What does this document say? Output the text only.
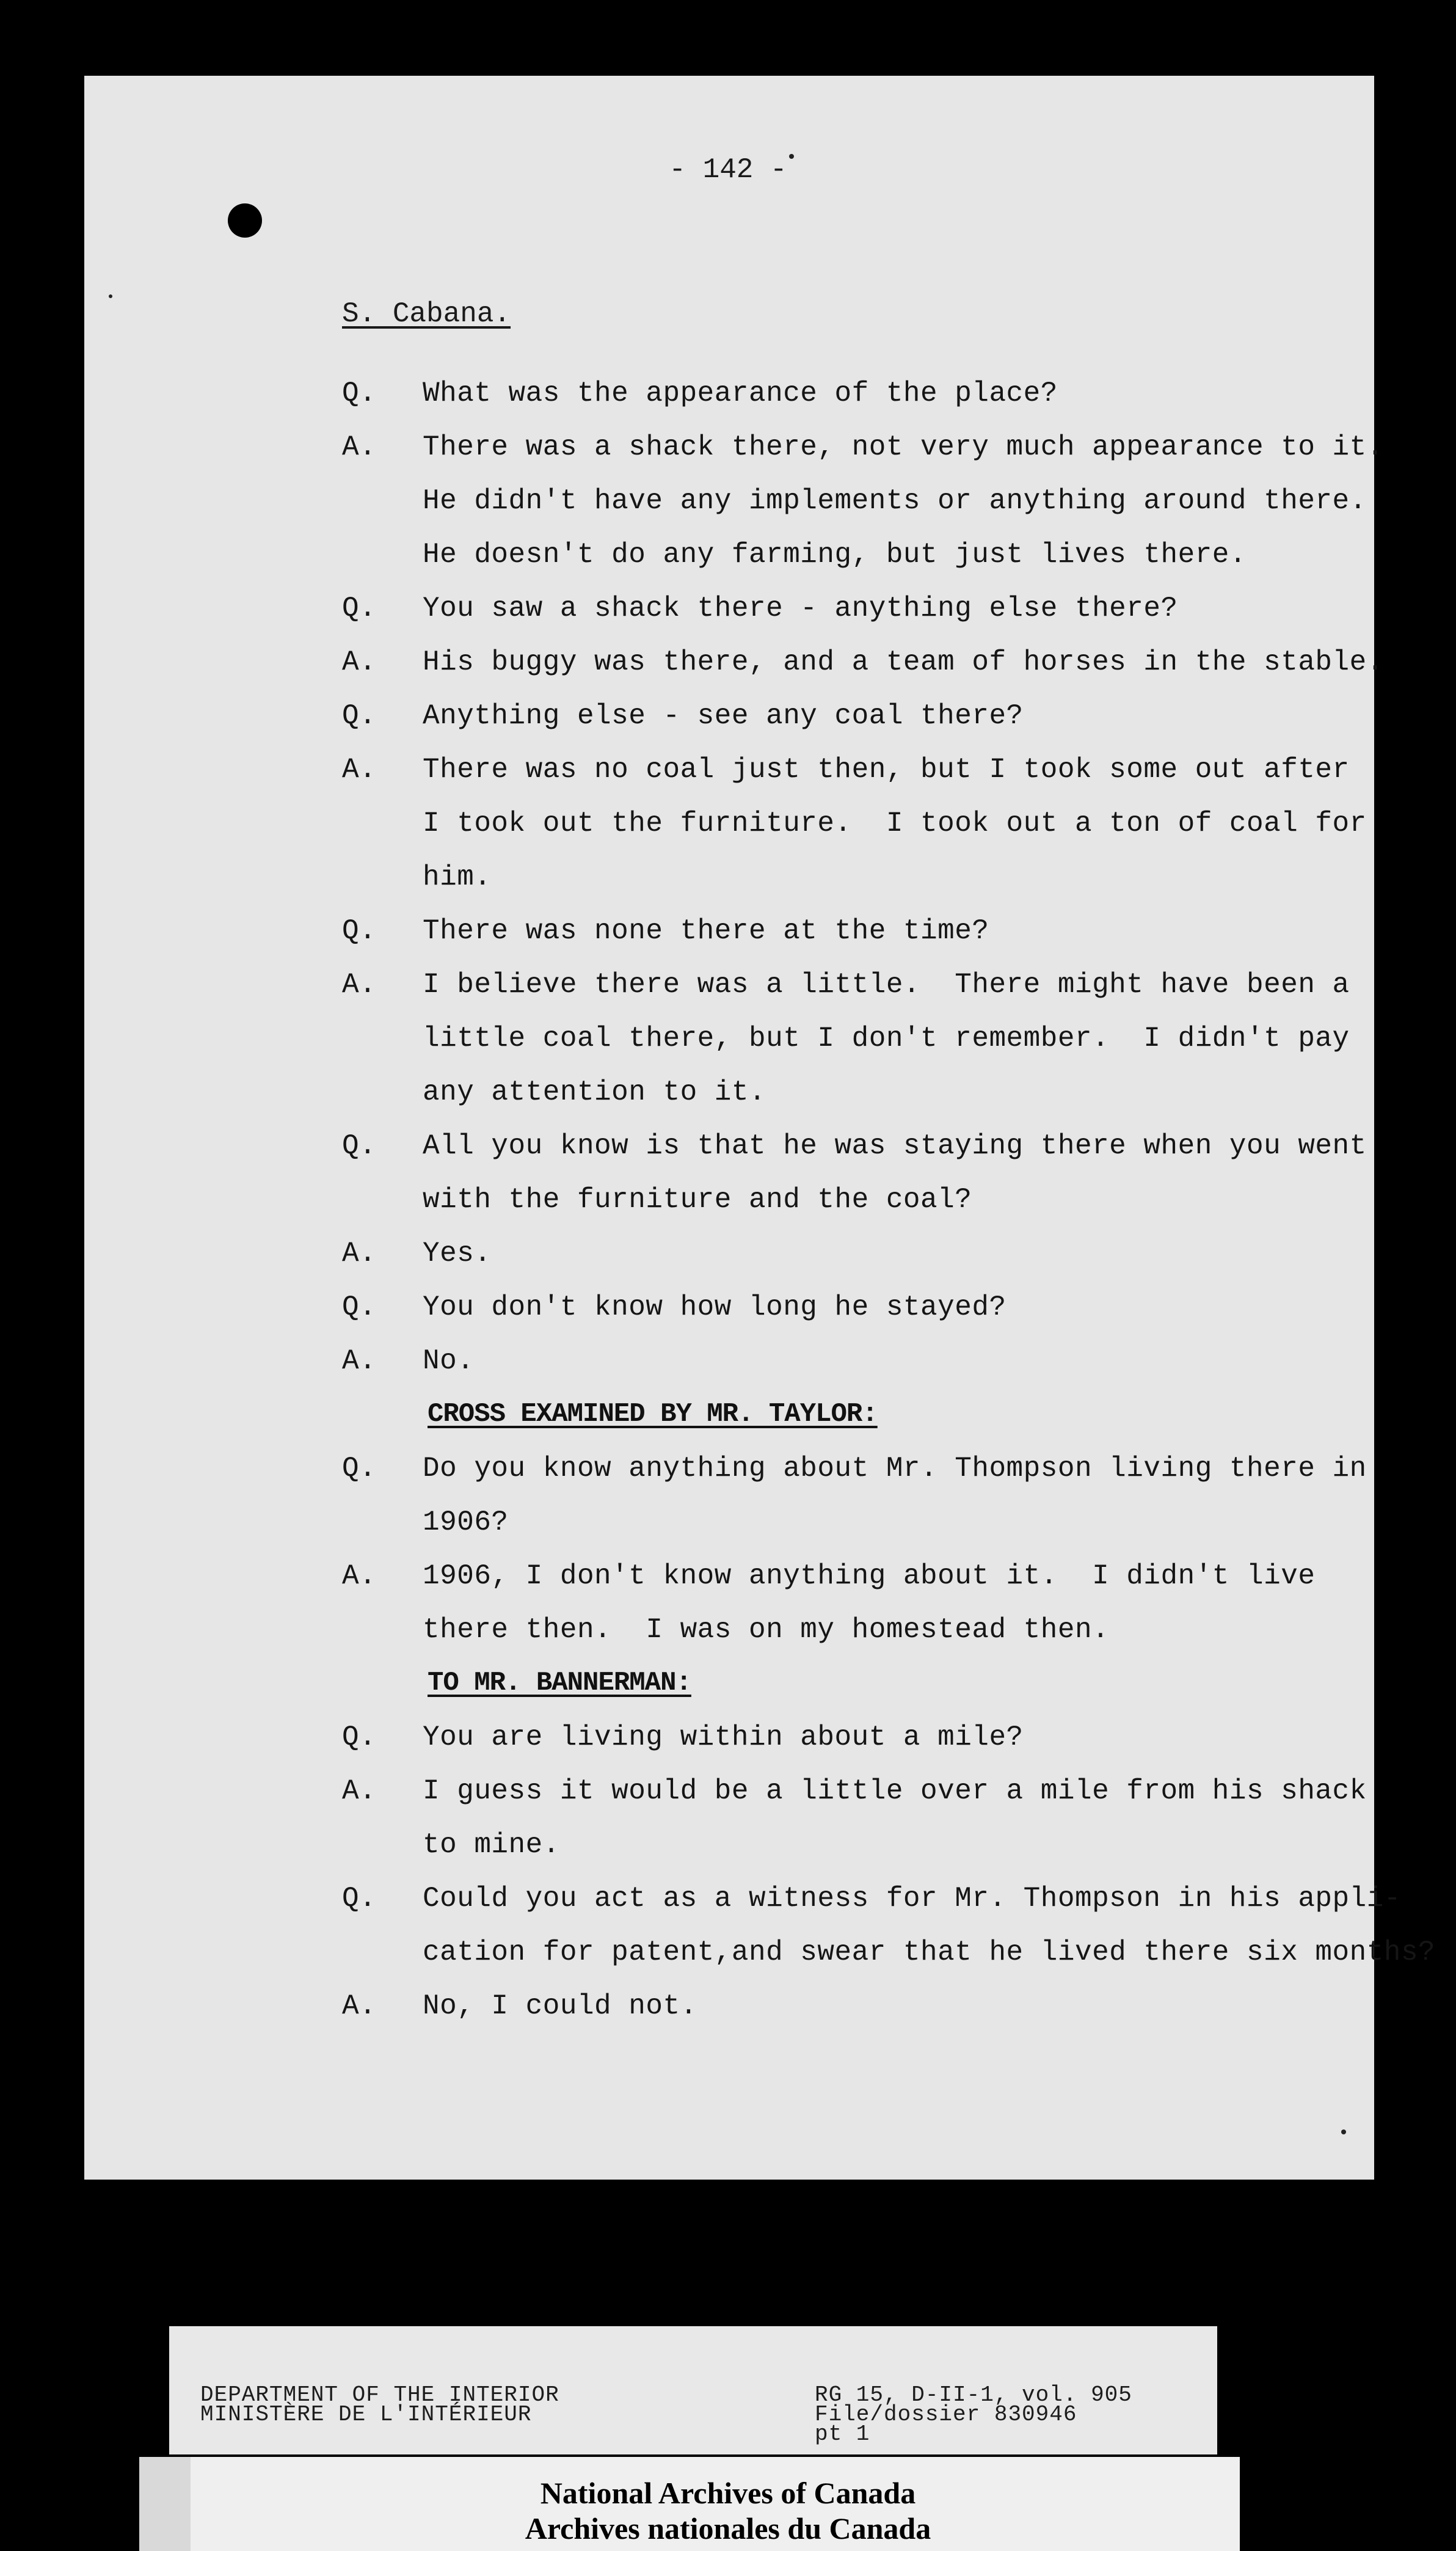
- 142 -
S. Cabana.
Q. What was the appearance of the place?
A. There was a shack there, not very much appearance to it.
He didn't have any implements or anything around there.
He doesn't do any farming, but just lives there.
Q. You saw a shack there - anything else there?
A. His buggy was there, and a team of horses in the stable.
Q. Anything else - see any coal there?
A. There was no coal just then, but I took some out after
I took out the furniture.  I took out a ton of coal for
him.
Q. There was none there at the time?
A. I believe there was a little.  There might have been a
little coal there, but I don't remember.  I didn't pay
any attention to it.
Q. All you know is that he was staying there when you went
with the furniture and the coal?
A. Yes.
Q. You don't know how long he stayed?
A. No.
CROSS EXAMINED BY MR. TAYLOR:
Q. Do you know anything about Mr. Thompson living there in
1906?
A. 1906, I don't know anything about it.  I didn't live
there then.  I was on my homestead then.
TO MR. BANNERMAN:
Q. You are living within about a mile?
A. I guess it would be a little over a mile from his shack
to mine.
Q. Could you act as a witness for Mr. Thompson in his appli-
cation for patent,and swear that he lived there six months?
A. No, I could not.
DEPARTMENT OF THE INTERIOR
MINISTÈRE DE L'INTÉRIEUR
RG 15, D-II-1, vol. 905
File/dossier 830946
pt 1
National Archives of Canada
Archives nationales du Canada
